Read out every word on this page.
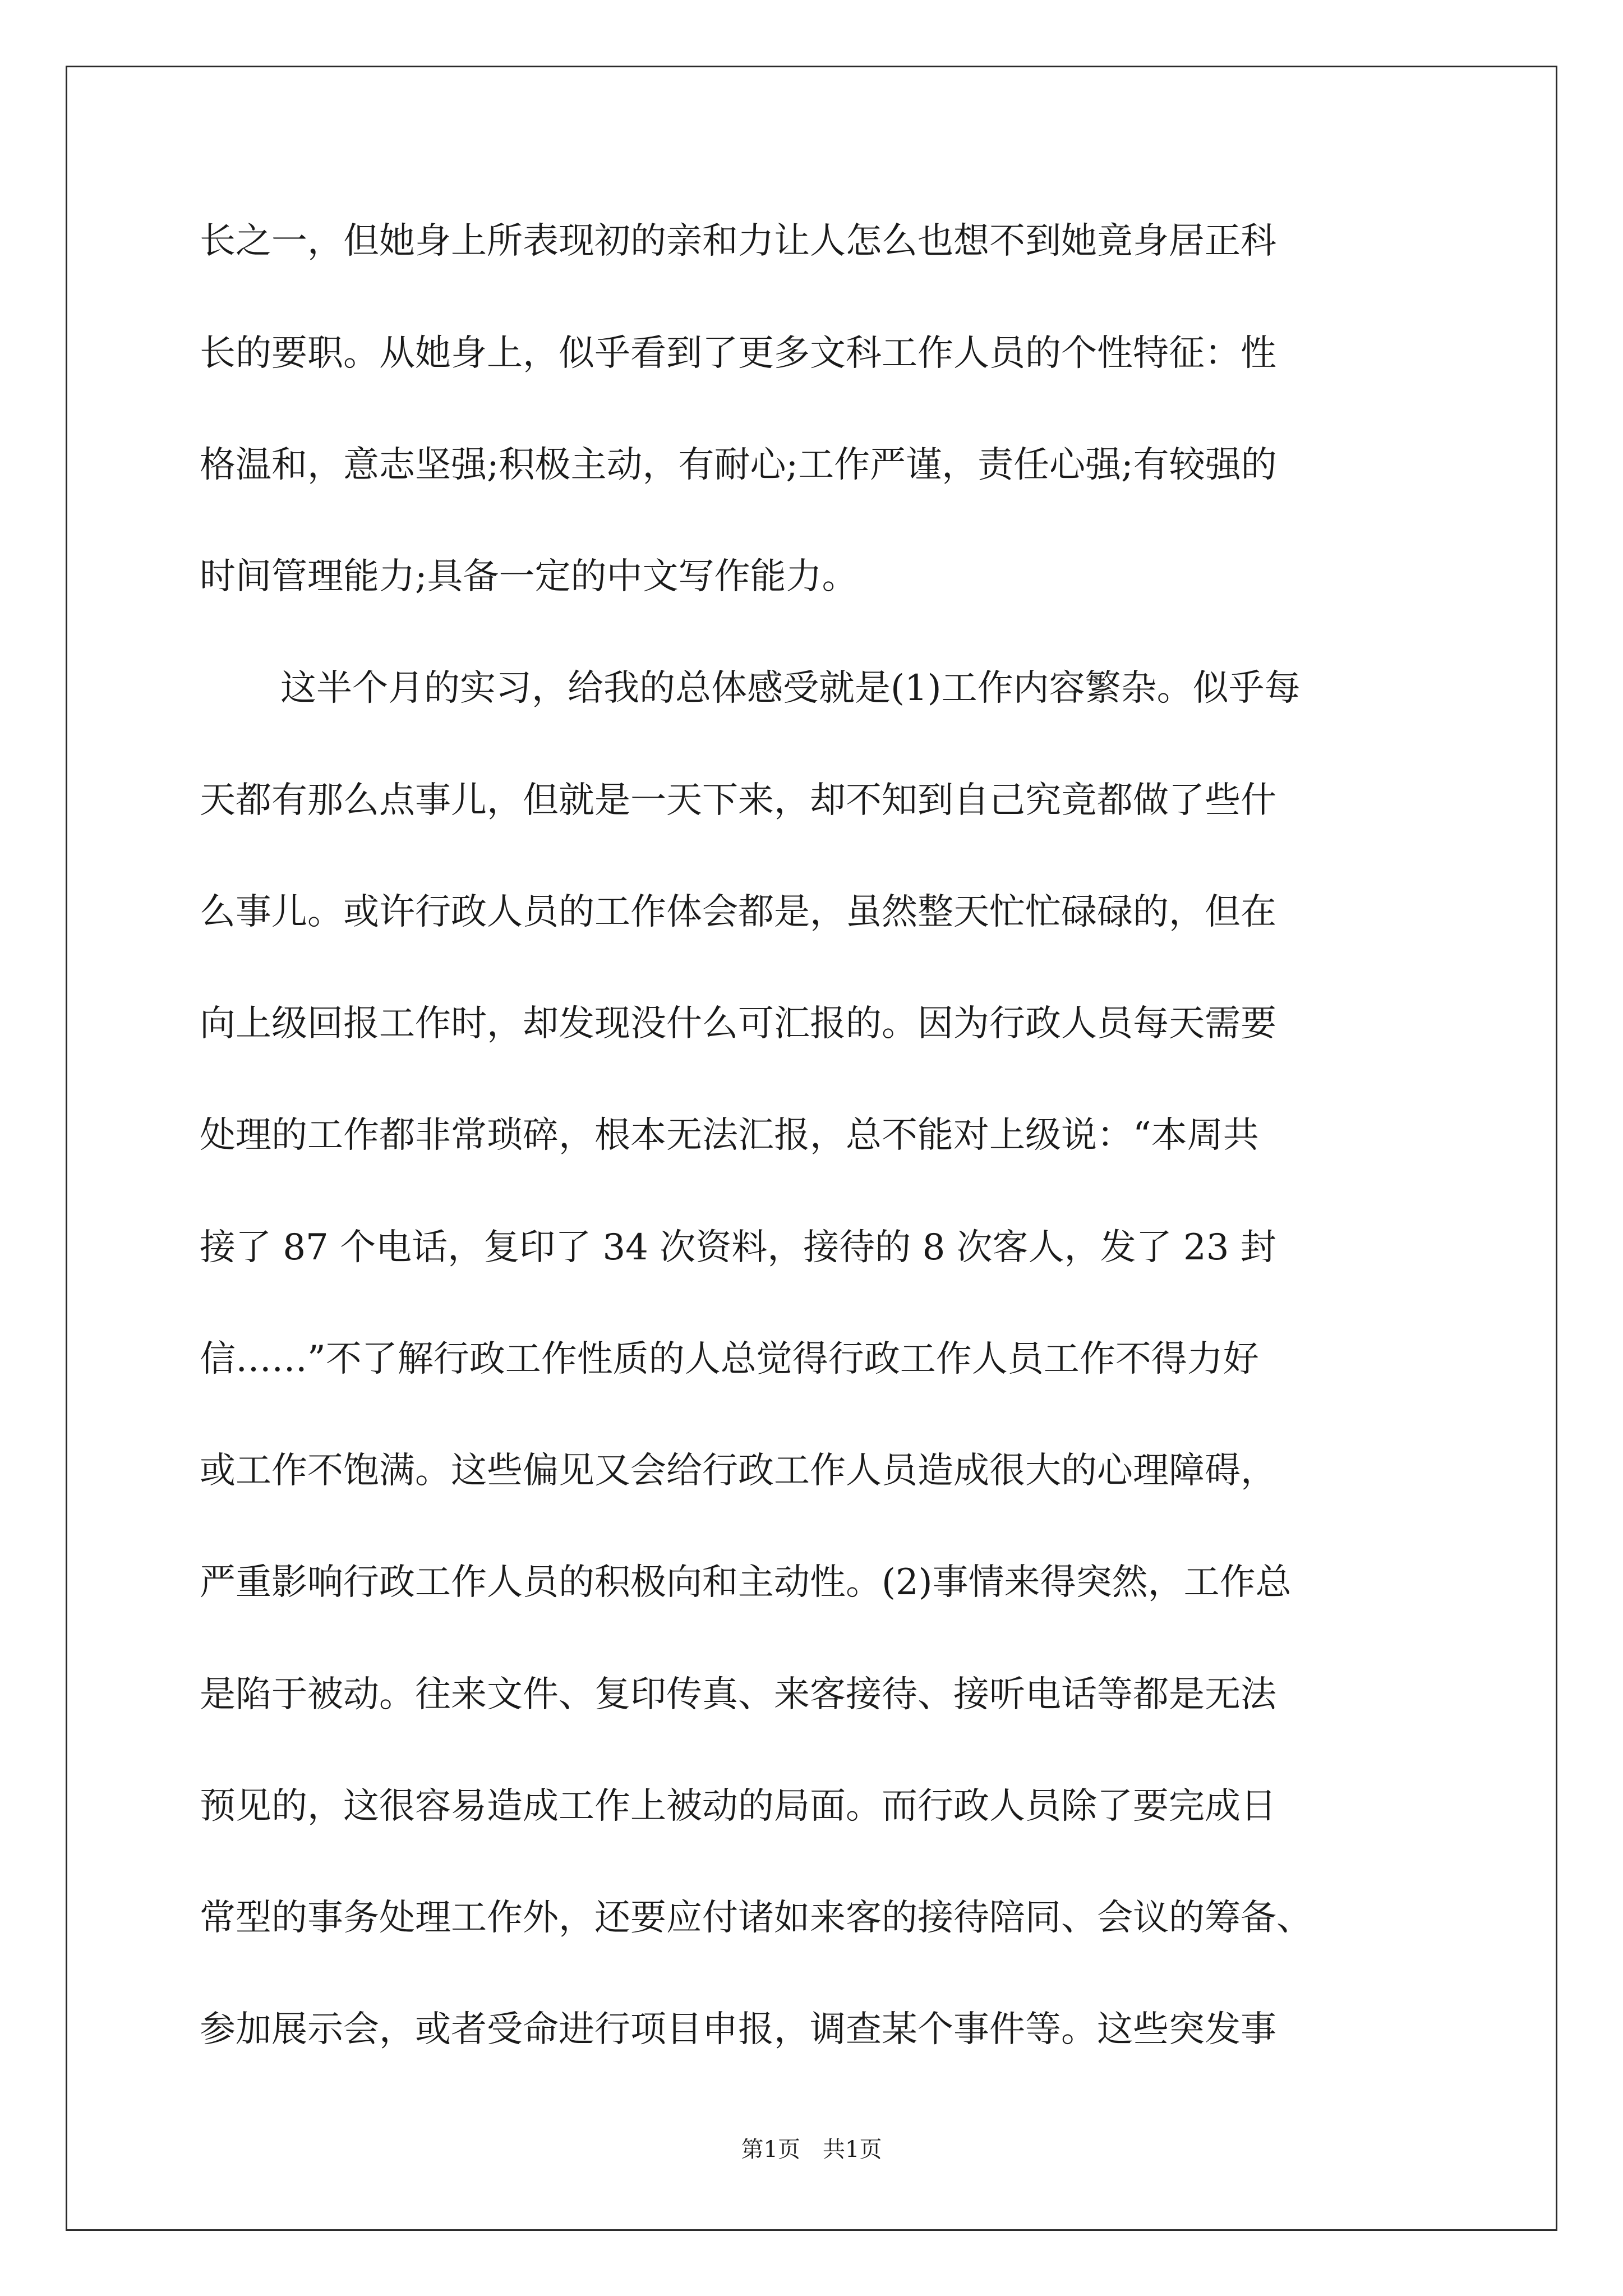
长之一，但她身上所表现初的亲和力让人怎么也想不到她竟身居正科
长的要职。从她身上，似乎看到了更多文科工作人员的个性特征：性
格温和，意志坚强;积极主动，有耐心;工作严谨，责任心强;有较强的
时间管理能力;具备一定的中文写作能力。
这半个月的实习，给我的总体感受就是(1)工作内容繁杂。似乎每
天都有那么点事儿，但就是一天下来，却不知到自己究竟都做了些什
么事儿。或许行政人员的工作体会都是，虽然整天忙忙碌碌的，但在
向上级回报工作时，却发现没什么可汇报的。因为行政人员每天需要
处理的工作都非常琐碎，根本无法汇报，总不能对上级说：“本周共
接了 87 个电话，复印了 34 次资料，接待的 8 次客人，发了 23 封
信……”不了解行政工作性质的人总觉得行政工作人员工作不得力好
或工作不饱满。这些偏见又会给行政工作人员造成很大的心理障碍，
严重影响行政工作人员的积极向和主动性。(2)事情来得突然，工作总
是陷于被动。往来文件、复印传真、来客接待、接听电话等都是无法
预见的，这很容易造成工作上被动的局面。而行政人员除了要完成日
常型的事务处理工作外，还要应付诸如来客的接待陪同、会议的筹备、
参加展示会，或者受命进行项目申报，调查某个事件等。这些突发事
第1页　共1页
